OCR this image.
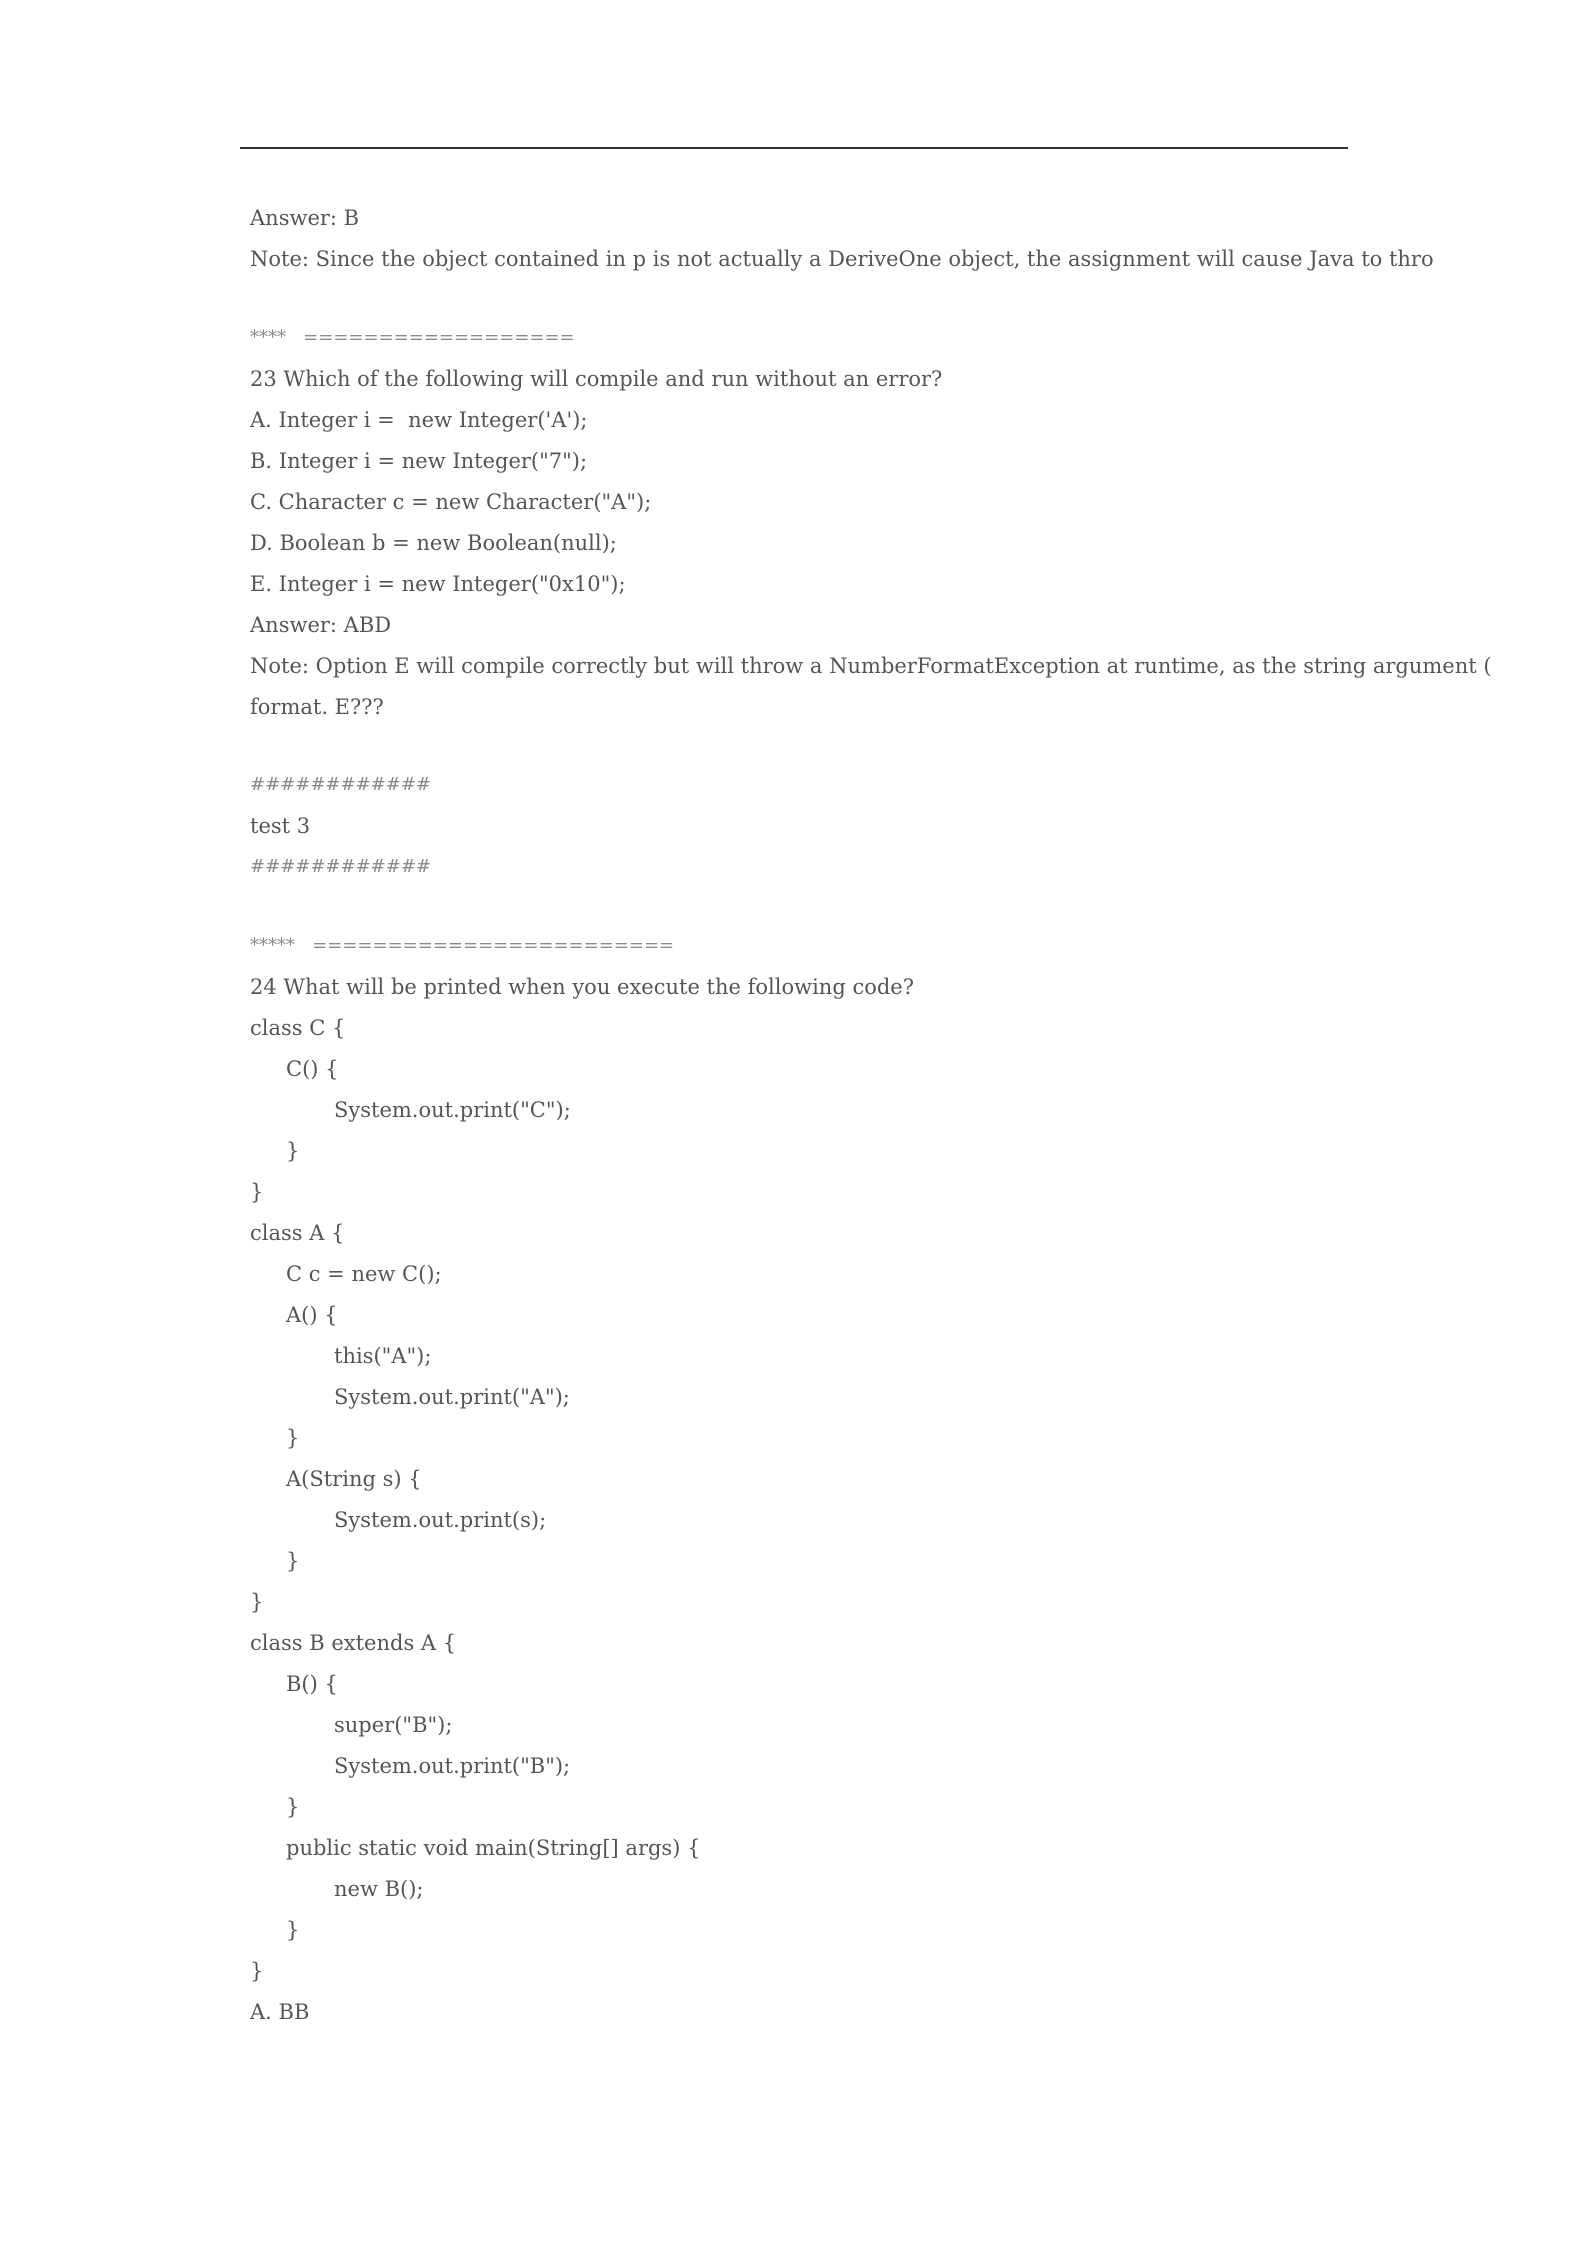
Answer: B
Note: Since the object contained in p is not actually a DeriveOne object, the assignment will cause Java to thro
****   ==================
23 Which of the following will compile and run without an error?
A. Integer i =  new Integer('A');
B. Integer i = new Integer("7");
C. Character c = new Character("A");
D. Boolean b = new Boolean(null);
E. Integer i = new Integer("0x10");
Answer: ABD
Note: Option E will compile correctly but will throw a NumberFormatException at runtime, as the string argument (
format. E???
############
test 3
############
*****   ========================
24 What will be printed when you execute the following code?
class C {
C() {
System.out.print("C");
}
}
class A {
C c = new C();
A() {
this("A");
System.out.print("A");
}
A(String s) {
System.out.print(s);
}
}
class B extends A {
B() {
super("B");
System.out.print("B");
}
public static void main(String[] args) {
new B();
}
}
A. BB
